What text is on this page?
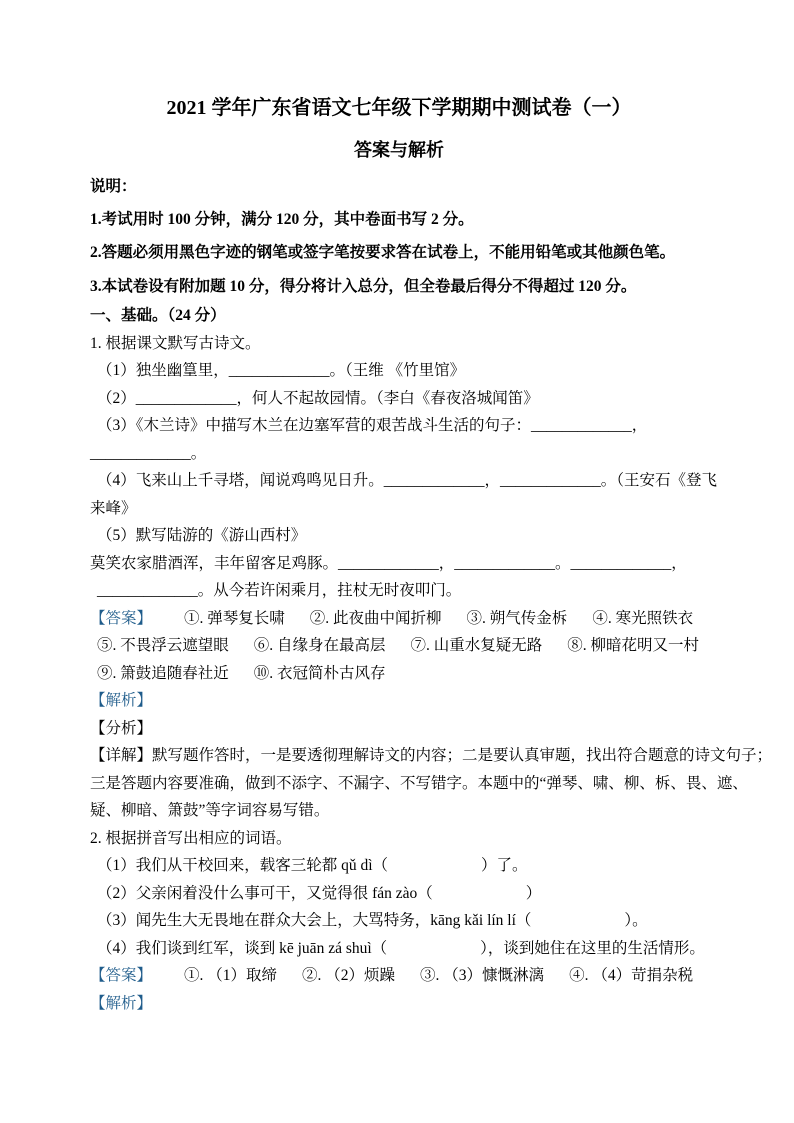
2021 学年广东省语文七年级下学期期中测试卷（一）
答案与解析

说明：

1.考试用时 100 分钟，满分 120 分，其中卷面书写 2 分。

2.答题必须用黑色字迹的钢笔或签字笔按要求答在试卷上，不能用铅笔或其他颜色笔。

3.本试卷设有附加题 10 分，得分将计入总分，但全卷最后得分不得超过 120 分。

一、基础。（24 分）

1. 根据课文默写古诗文。

（1）独坐幽篁里，_____________。（王维 《竹里馆》

（2）_____________，何人不起故园情。（李白《春夜洛城闻笛》

（3）《木兰诗》中描写木兰在边塞军营的艰苦战斗生活的句子：_____________，

_____________。

（4）飞来山上千寻塔，闻说鸡鸣见日升。_____________，_____________。（王安石《登飞

来峰》

（5）默写陆游的《游山西村》

莫笑农家腊酒浑，丰年留客足鸡豚。_____________，_____________。_____________，

_____________。从今若许闲乘月，拄杖无时夜叩门。

【答案】 ①. 弹琴复长啸 ②. 此夜曲中闻折柳 ③. 朔气传金柝 ④. 寒光照铁衣
⑤. 不畏浮云遮望眼 ⑥. 自缘身在最高层 ⑦. 山重水复疑无路 ⑧. 柳暗花明又一村
⑨. 箫鼓追随春社近 ⑩. 衣冠简朴古风存

【解析】

【分析】

【详解】默写题作答时，一是要透彻理解诗文的内容；二是要认真审题，找出符合题意的诗文句子；

三是答题内容要准确，做到不添字、不漏字、不写错字。本题中的“弹琴、啸、柳、柝、畏、遮、

疑、柳暗、箫鼓”等字词容易写错。

2. 根据拼音写出相应的词语。

（1）我们从干校回来，载客三轮都 qǔ dì（　　　　　　）了。

（2）父亲闲着没什么事可干，又觉得很 fán zào（　　　　　　）

（3）闻先生大无畏地在群众大会上，大骂特务，kāng kǎi lín lí（　　　　　　）。

（4）我们谈到红军，谈到 kē juān zá shuì（　　　　　　），谈到她住在这里的生活情形。

【答案】 ①. （1）取缔 ②. （2）烦躁 ③. （3）慷慨淋漓 ④. （4）苛捐杂税

【解析】
